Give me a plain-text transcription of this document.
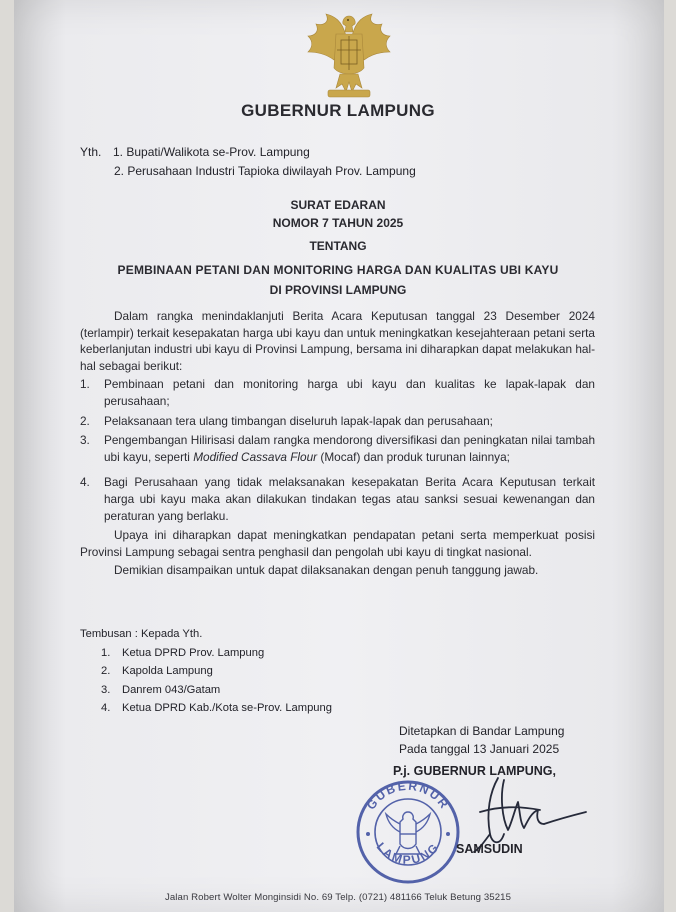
GUBERNUR LAMPUNG
Yth. 1. Bupati/Walikota se-Prov. Lampung
2. Perusahaan Industri Tapioka diwilayah Prov. Lampung
SURAT EDARAN
NOMOR 7 TAHUN 2025
TENTANG
PEMBINAAN PETANI DAN MONITORING HARGA DAN KUALITAS UBI KAYU
DI PROVINSI LAMPUNG
Dalam rangka menindaklanjuti Berita Acara Keputusan tanggal 23 Desember 2024 (terlampir) terkait kesepakatan harga ubi kayu dan untuk meningkatkan kesejahteraan petani serta keberlanjutan industri ubi kayu di Provinsi Lampung, bersama ini diharapkan dapat melakukan hal-hal sebagai berikut:
1. Pembinaan petani dan monitoring harga ubi kayu dan kualitas ke lapak-lapak dan perusahaan;
2. Pelaksanaan tera ulang timbangan diseluruh lapak-lapak dan perusahaan;
3. Pengembangan Hilirisasi dalam rangka mendorong diversifikasi dan peningkatan nilai tambah ubi kayu, seperti Modified Cassava Flour (Mocaf) dan produk turunan lainnya;
4. Bagi Perusahaan yang tidak melaksanakan kesepakatan Berita Acara Keputusan terkait harga ubi kayu maka akan dilakukan tindakan tegas atau sanksi sesuai kewenangan dan peraturan yang berlaku.
Upaya ini diharapkan dapat meningkatkan pendapatan petani serta memperkuat posisi Provinsi Lampung sebagai sentra penghasil dan pengolah ubi kayu di tingkat nasional.
Demikian disampaikan untuk dapat dilaksanakan dengan penuh tanggung jawab.
Tembusan : Kepada Yth.
1. Ketua DPRD Prov. Lampung
2. Kapolda Lampung
3. Danrem 043/Gatam
4. Ketua DPRD Kab./Kota se-Prov. Lampung
Ditetapkan di Bandar Lampung
Pada tanggal 13 Januari 2025
GUBERNUR
LAMPUNG
P.j. GUBERNUR LAMPUNG,
SAMSUDIN
Jalan Robert Wolter Monginsidi No. 69 Telp. (0721) 481166 Teluk Betung 35215
